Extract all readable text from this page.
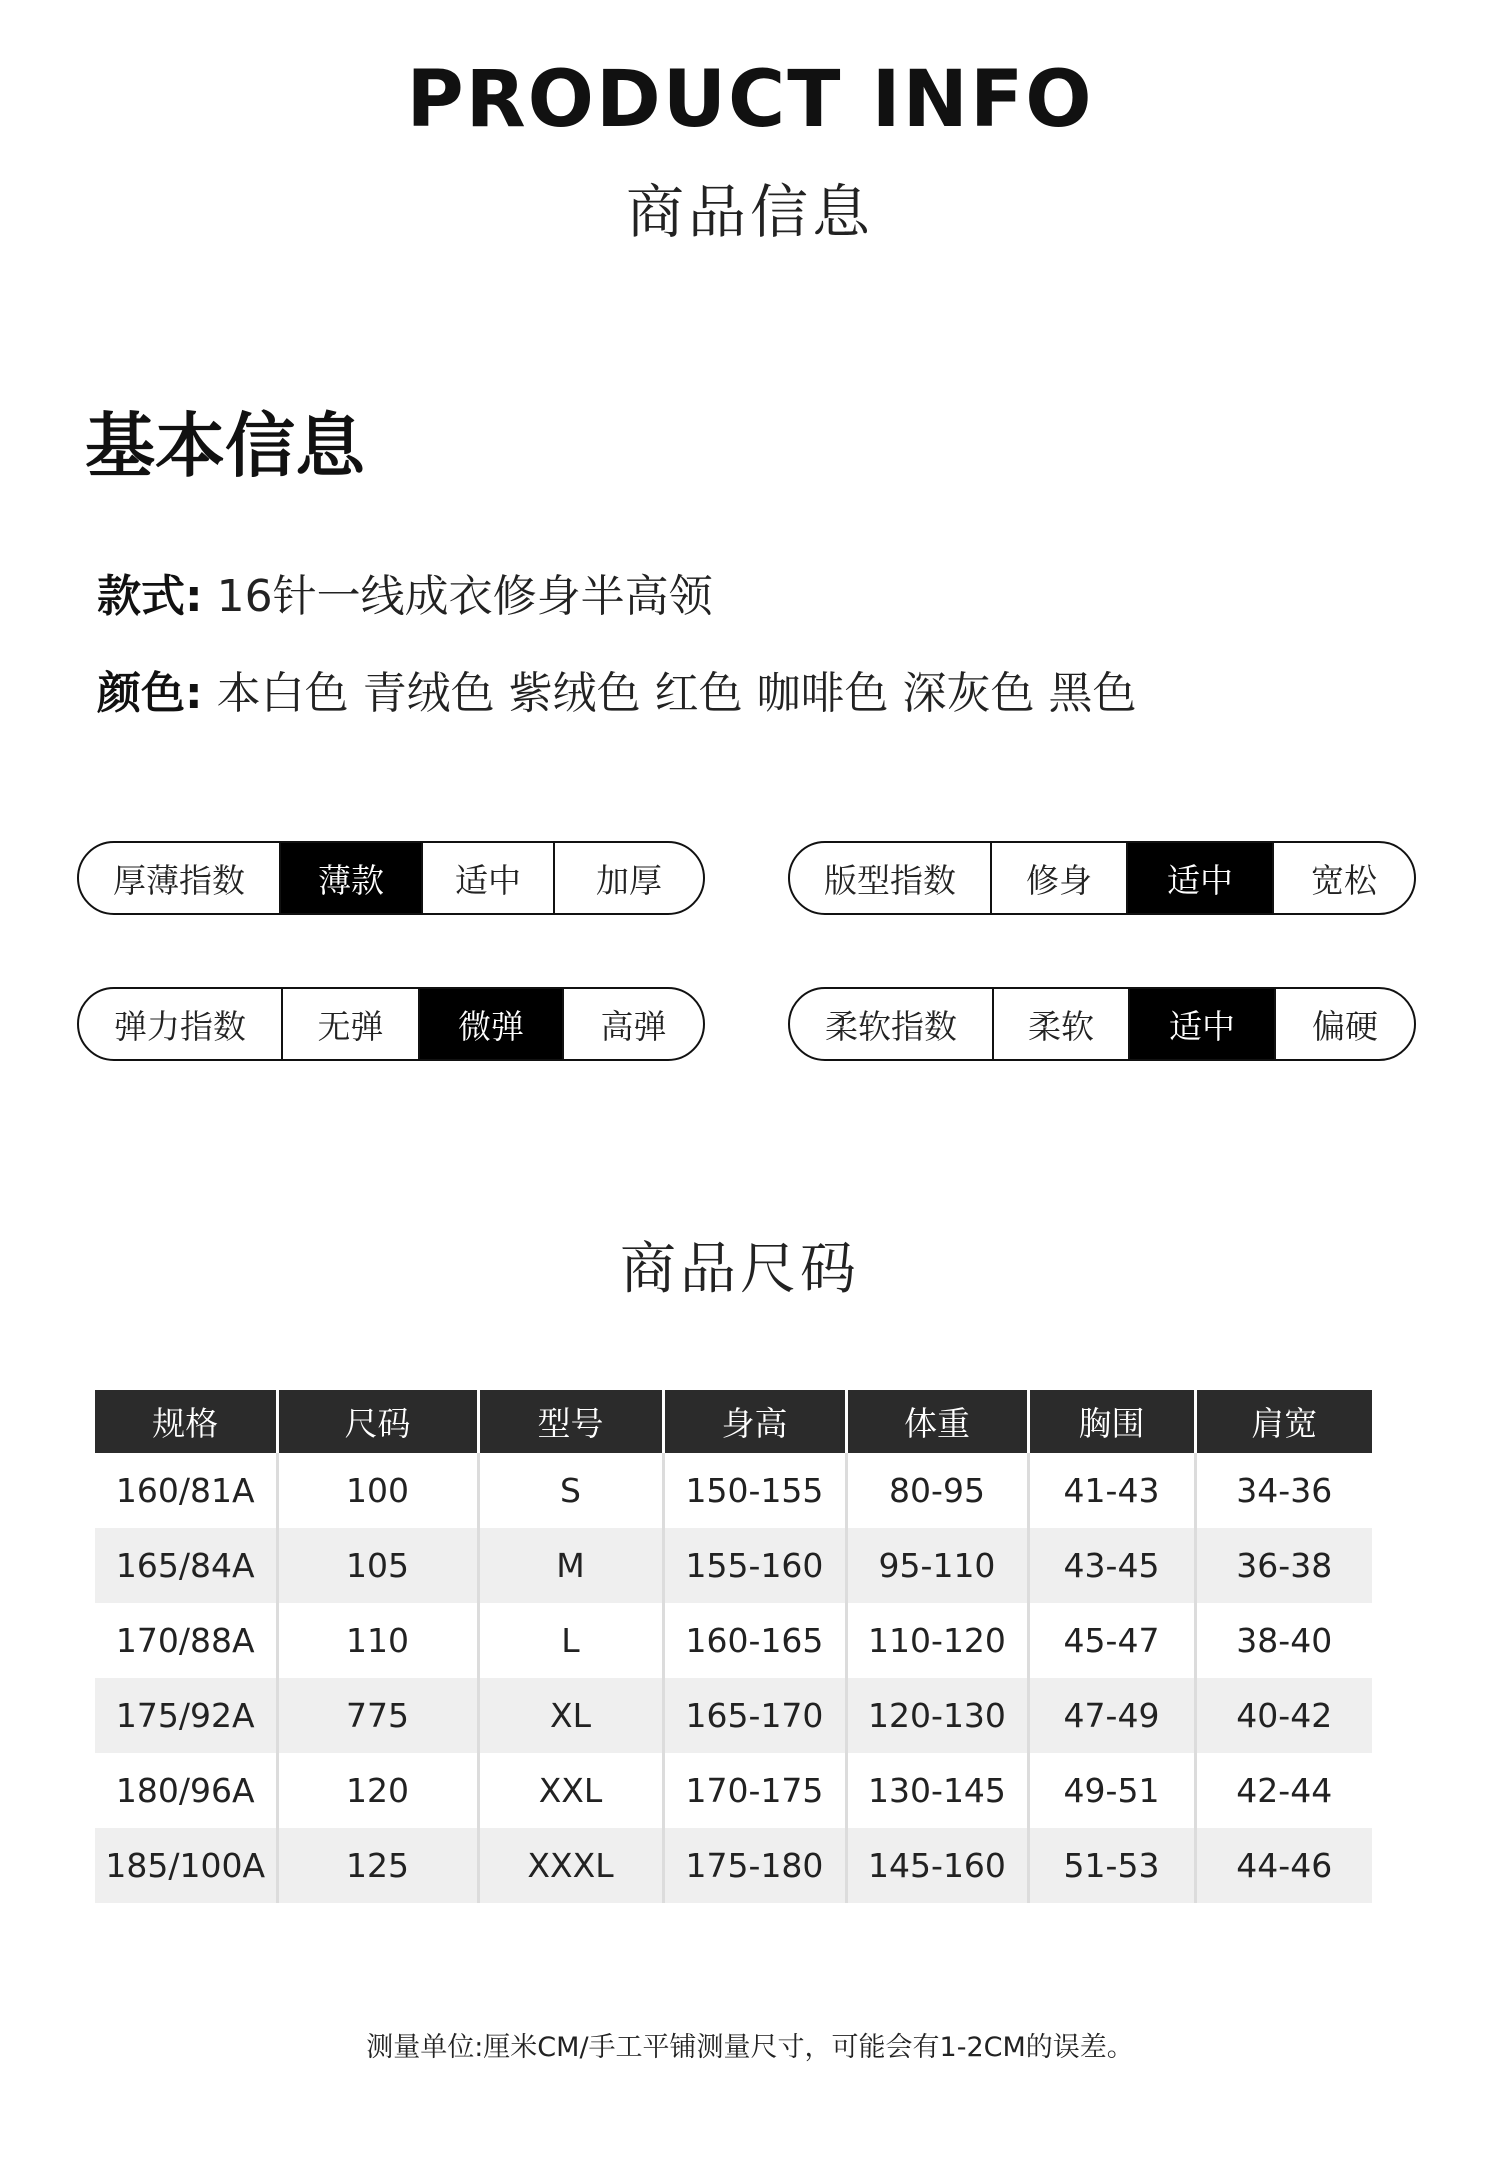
PRODUCT INFO
商品信息
基本信息
款式: 16针一线成衣修身半高领
颜色: 本白色 青绒色 紫绒色 红色 咖啡色 深灰色 黑色
厚薄指数	薄款	适中	加厚	版型指数	修身	适中	宽松
弹力指数	无弹	微弹	高弹	柔软指数	柔软	适中	偏硬
商品尺码
规格	尺码	型号	身高	体重	胸围	肩宽
160/81A	100	S	150-155	80-95	41-43	34-36
165/84A	105	M	155-160	95-110	43-45	36-38
170/88A	110	L	160-165	110-120	45-47	38-40
175/92A	775	XL	165-170	120-130	47-49	40-42
180/96A	120	XXL	170-175	130-145	49-51	42-44
185/100A	125	XXXL	175-180	145-160	51-53	44-46
测量单位:厘米CM/手工平铺测量尺寸，可能会有1-2CM的误差。
